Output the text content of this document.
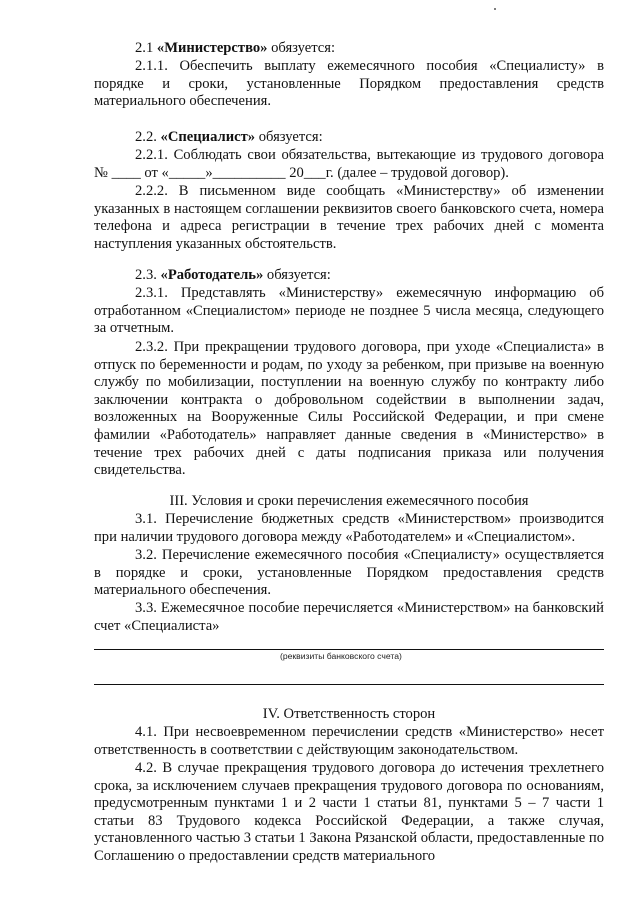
2.1 «Министерство» обязуется:

2.1.1. Обеспечить выплату ежемесячного пособия «Специалисту» в порядке и сроки, установленные Порядком предоставления средств материального обеспечения.

2.2. «Специалист» обязуется:

2.2.1. Соблюдать свои обязательства, вытекающие из трудового договора № ____ от «_____»__________ 20___г. (далее – трудовой договор).

2.2.2. В письменном виде сообщать «Министерству» об изменении указанных в настоящем соглашении реквизитов своего банковского счета, номера телефона и адреса регистрации в течение трех рабочих дней с момента наступления указанных обстоятельств.

2.3. «Работодатель» обязуется:

2.3.1. Представлять «Министерству» ежемесячную информацию об отработанном «Специалистом» периоде не позднее 5 числа месяца, следующего за отчетным.

2.3.2. При прекращении трудового договора, при уходе «Специалиста» в отпуск по беременности и родам, по уходу за ребенком, при призыве на военную службу по мобилизации, поступлении на военную службу по контракту либо заключении контракта о добровольном содействии в выполнении задач, возложенных на Вооруженные Силы Российской Федерации, и при смене фамилии «Работодатель» направляет данные сведения в «Министерство» в течение трех рабочих дней с даты подписания приказа или получения свидетельства.

III. Условия и сроки перечисления ежемесячного пособия

3.1. Перечисление бюджетных средств «Министерством» производится при наличии трудового договора между «Работодателем» и «Специалистом».

3.2. Перечисление ежемесячного пособия «Специалисту» осуществляется в порядке и сроки, установленные Порядком предоставления средств материального обеспечения.

3.3. Ежемесячное пособие перечисляется «Министерством» на банковский счет «Специалиста»

(реквизиты банковского счета)

IV. Ответственность сторон

4.1. При несвоевременном перечислении средств «Министерство» несет ответственность в соответствии с действующим законодательством.

4.2. В случае прекращения трудового договора до истечения трехлетнего срока, за исключением случаев прекращения трудового договора по основаниям, предусмотренным пунктами 1 и 2 части 1 статьи 81, пунктами 5 – 7 части 1 статьи 83 Трудового кодекса Российской Федерации, а также случая, установленного частью 3 статьи 1 Закона Рязанской области, предоставленные по Соглашению о предоставлении средств материального
